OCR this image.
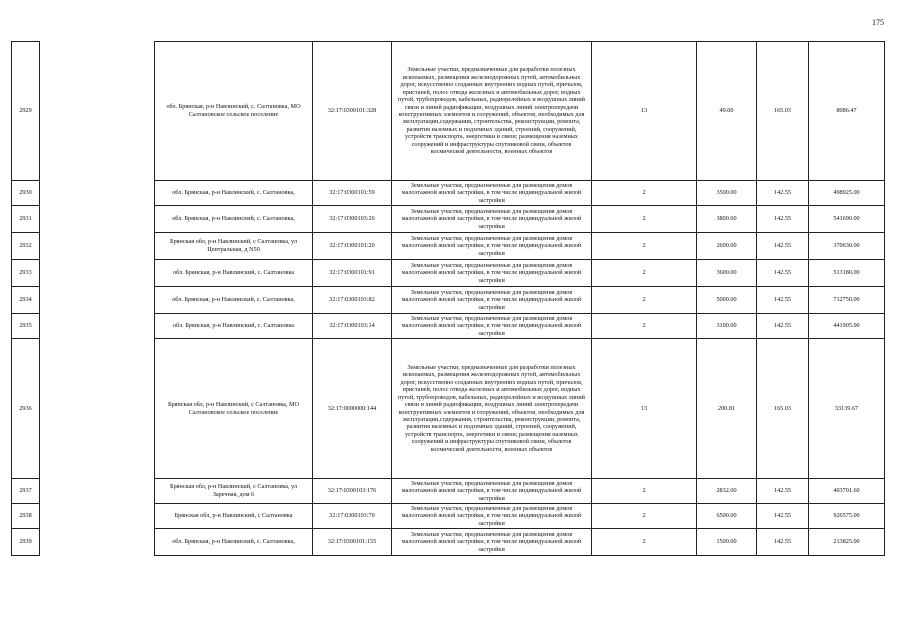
175
2929		обл. Брянская, р-н Навлинский, с. Салтановка, МО Салтановское сельское поселение	32:17:0300101:328	Земельные участки, предназначенные для разработки полезных ископаемых, размещения железнодорожных путей, автомобильных дорог, искусственно созданных внутренних водных путей, причалов, пристаней, полос отвода железных и автомобильных дорог, водных путей, трубопроводов, кабельных, радиорелейных и воздушных линий связи и линий радиофикации, воздушных линий электропередачи конструктивных элементов и сооружений, объектов, необходимых для эксплуатации,содержания, строительства, реконструкции, ремонта, развития наземных и подземных зданий, строений, сооружений, устройств транспорта, энергетики и связи; размещения наземных сооружений и инфраструктуры спутниковой связи, объектов космической деятельности, военных объектов	13	49.00	165.03	8086.47
2930		обл. Брянская, р-н Навлинский, с. Салтановка,	32:17:0300101:59	Земельные участки, предназначенные для размещения домов малоэтажной жилой застройки, в том числе индивидуальной жилой застройки	2	3500.00	142.55	498925.00
2931		обл. Брянская, р-н Навлинский, с. Салтановка,	32:17:0300103:26	Земельные участки, предназначенные для размещения домов малоэтажной жилой застройки, в том числе индивидуальной жилой застройки	2	3800.00	142.55	541690.00
2932		Брянская обл, р-н Навлинский, с Салтановка, ул Центральная, д N50	32:17:0300101:20	Земельные участки, предназначенные для размещения домов малоэтажной жилой застройки, в том числе индивидуальной жилой застройки	2	2600.00	142.55	370630.00
2933		обл. Брянская, р-н Навлинский, с. Салтановка	32:17:0300101:91	Земельные участки, предназначенные для размещения домов малоэтажной жилой застройки, в том числе индивидуальной жилой застройки	2	3600.00	142.55	513180.00
2934		обл. Брянская, р-н Навлинский, с. Салтановка,	32:17:0300103:82	Земельные участки, предназначенные для размещения домов малоэтажной жилой застройки, в том числе индивидуальной жилой застройки	2	5000.00	142.55	712750.00
2935		обл. Брянская, р-н Навлинский, с. Салтановка	32:17:0300103:14	Земельные участки, предназначенные для размещения домов малоэтажной жилой застройки, в том числе индивидуальной жилой застройки	2	3100.00	142.55	441905.00
2936		Брянская обл, р-н Навлинский, с Салтановка, МО Салтановское сельское поселение	32:17:0000000:144	Земельные участки, предназначенные для разработки полезных ископаемых, размещения железнодорожных путей, автомобильных дорог, искусственно созданных внутренних водных путей, причалов, пристаней, полос отвода железных и автомобильных дорог, водных путей, трубопроводов, кабельных, радиорелейных и воздушных линий связи и линий радиофикации, воздушных линий электропередачи конструктивных элементов и сооружений, объектов, необходимых для эксплуатации,содержания, строительства, реконструкции, ремонта, развития наземных и подземных зданий, строений, сооружений, устройств транспорта, энергетики и связи; размещения наземных сооружений и инфраструктуры спутниковой связи, объектов космической деятельности, военных объектов	13	200.81	165.03	33139.67
2937		Брянская обл, р-н Навлинский, с Салтановка, ул Заречная, дом 6	32:17:0300103:176	Земельные участки, предназначенные для размещения домов малоэтажной жилой застройки, в том числе индивидуальной жилой застройки	2	2832.00	142.55	403701.60
2938		Брянская обл, р-н Навлинский, с Салтановка	32:17:0300103:70	Земельные участки, предназначенные для размещения домов малоэтажной жилой застройки, в том числе индивидуальной жилой застройки	2	6500.00	142.55	926575.00
2939		обл. Брянская, р-н Навлинский, с. Салтановка,	32:17:0300101:155	Земельные участки, предназначенные для размещения домов малоэтажной жилой застройки, в том числе индивидуальной жилой застройки	2	1500.00	142.55	213825.00
